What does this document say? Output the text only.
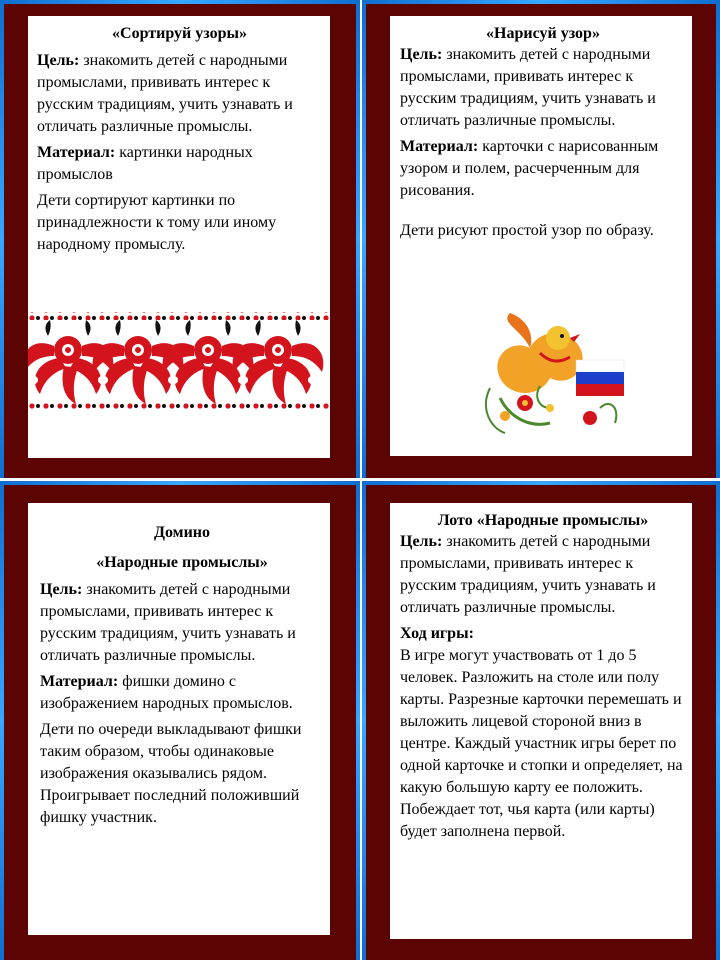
«Сортируй узоры»

Цель: знакомить детей с народными промыслами, прививать интерес к русским традициям, учить узнавать и отличать различные промыслы.

Материал: картинки народных промыслов

Дети сортируют картинки по принадлежности к тому или иному народному промыслу.

«Нарисуй узор»

Цель: знакомить детей с народными промыслами, прививать интерес к русским традициям, учить узнавать и отличать различные промыслы.

Материал: карточки с нарисованным узором и полем, расчерченным для рисования.

Дети рисуют простой узор по образу.

Домино

«Народные промыслы»

Цель: знакомить детей с народными промыслами, прививать интерес к русским традициям, учить узнавать и отличать различные промыслы.

Материал: фишки домино с изображением народных промыслов.

Дети по очереди выкладывают фишки таким образом, чтобы одинаковые изображения оказывались рядом. Проигрывает последний положивший фишку участник.

Лото «Народные промыслы»

Цель: знакомить детей с народными промыслами, прививать интерес к русским традициям, учить узнавать и отличать различные промыслы.

Ход игры:

В игре могут участвовать от 1 до 5 человек. Разложить на столе или полу карты. Разрезные карточки перемешать и выложить лицевой стороной вниз в центре. Каждый участник игры берет по одной карточке и стопки и определяет, на какую большую карту ее положить. Побеждает тот, чья карта (или карты) будет заполнена первой.
